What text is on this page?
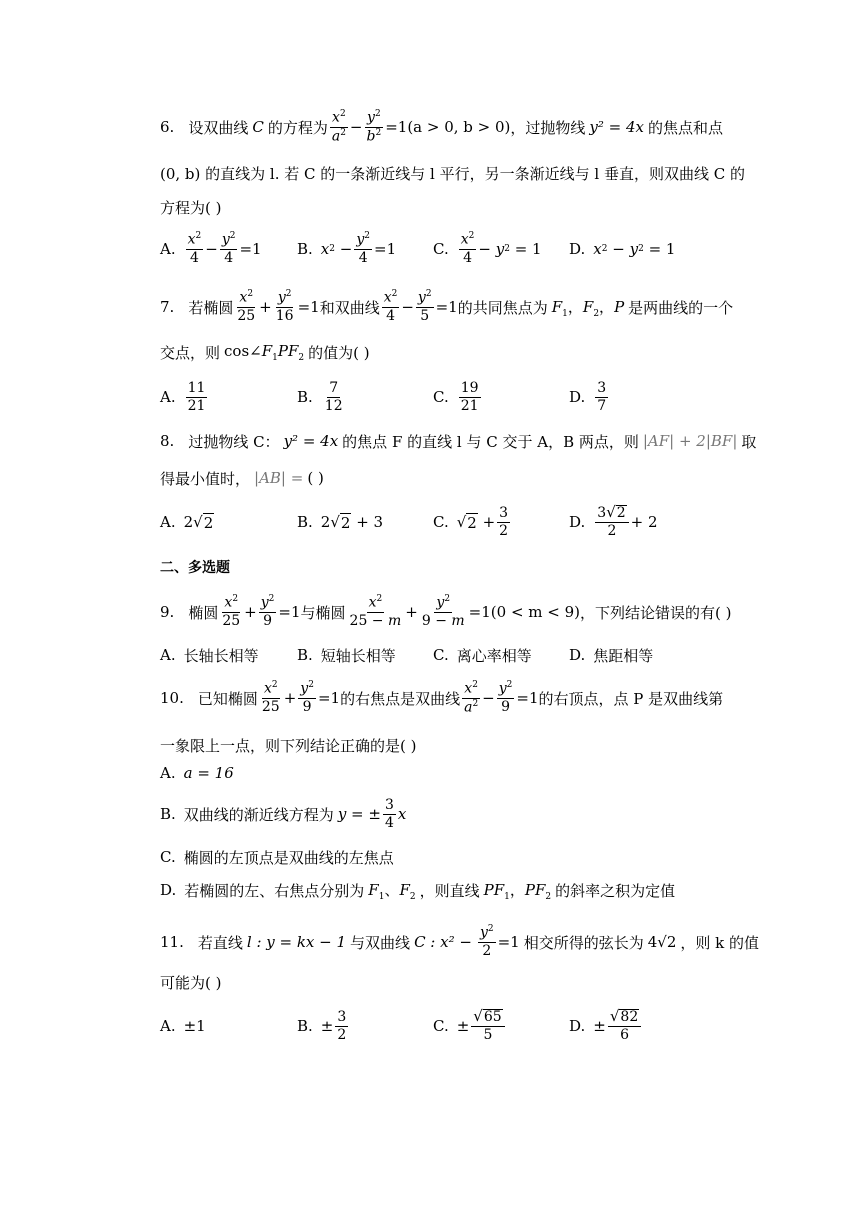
6. 设双曲线 C 的方程为 $\frac{x^2}{a^2} - \frac{y^2}{b^2} =1(a > 0$, b > 0) ，过抛物线 y² = 4x 的焦点和点
(0, b) 的直线为 l. 若 C 的一条渐近线与 l 平行，另一条渐近线与 l 垂直，则双曲线 C 的
方程为( )
A. $\frac{x^2}{4} - \frac{y^2}{4} =1$ B. x $2 - \frac{y^2}{4} =1$ C. $\frac{x^2}{4} - y$ 2 = 1 D. x 2 − y 2 = 1
7. 若椭圆 $\frac{x^2}{25} + \frac{y^2}{16} =1$ 和双曲线 $\frac{x^2}{4} - \frac{y^2}{5} =1$ 的共同焦点为 $F_1$，$F_2$，P 是两曲线的一个
交点，则 $\cos\angle F_1PF_2$ 的值为( )
A. $\frac{11}{21}$	B. $\frac{7}{12}$	C. $\frac{19}{21}$	D. $\frac{3}{7}$
8. 过抛物线 C： y² = 4x 的焦点 F 的直线 l 与 C 交于 A，B 两点，则 |AF| + 2|BF| 取
得最小值时， |AB| = ( )
A. 2 √ 2	B. 2 √ 2 + 3	C. √ $2 + \frac{3}{2}$	D. $\frac{3 √ 2}{2} + 2$
二、多选题
9. 椭圆 $\frac{x^2}{25} + \frac{y^2}{9} =1$ 与椭圆 $\frac{x^2}{25 - m} + \frac{y^2}{9 - m} =1(0 < m < 9)$ ，下列结论错误的有( )
A. 长轴长相等	B. 短轴长相等 C. 离心率相等 D. 焦距相等
10. 已知椭圆 $\frac{x^2}{25} + \frac{y^2}{9} =1$ 的右焦点是双曲线 $\frac{x^2}{a^2} - \frac{y^2}{9} =1$ 的右顶点，点 P 是双曲线第
一象限上一点，则下列结论正确的是( )
A. a = 16
B. 双曲线的渐近线方程为 y = ± $\frac{3}{4}$ x
C. 椭圆的左顶点是双曲线的左焦点
D. 若椭圆的左、右焦点分别为 $F_1$、$F_2$ ，则直线 $PF_1$，$PF_2$ 的斜率之积为定值
11. 若直线 l : y = kx − 1 与双曲线 C : $x^2 - \frac{y^2}{2} =1$ 相交所得的弦长为 4√2 ，则 k 的值
可能为( )
A. ±1	B. ± $\frac{3}{2}$	C. ± $\frac{√ 65}{5}$	D. ± $\frac{√ 82}{6}$
